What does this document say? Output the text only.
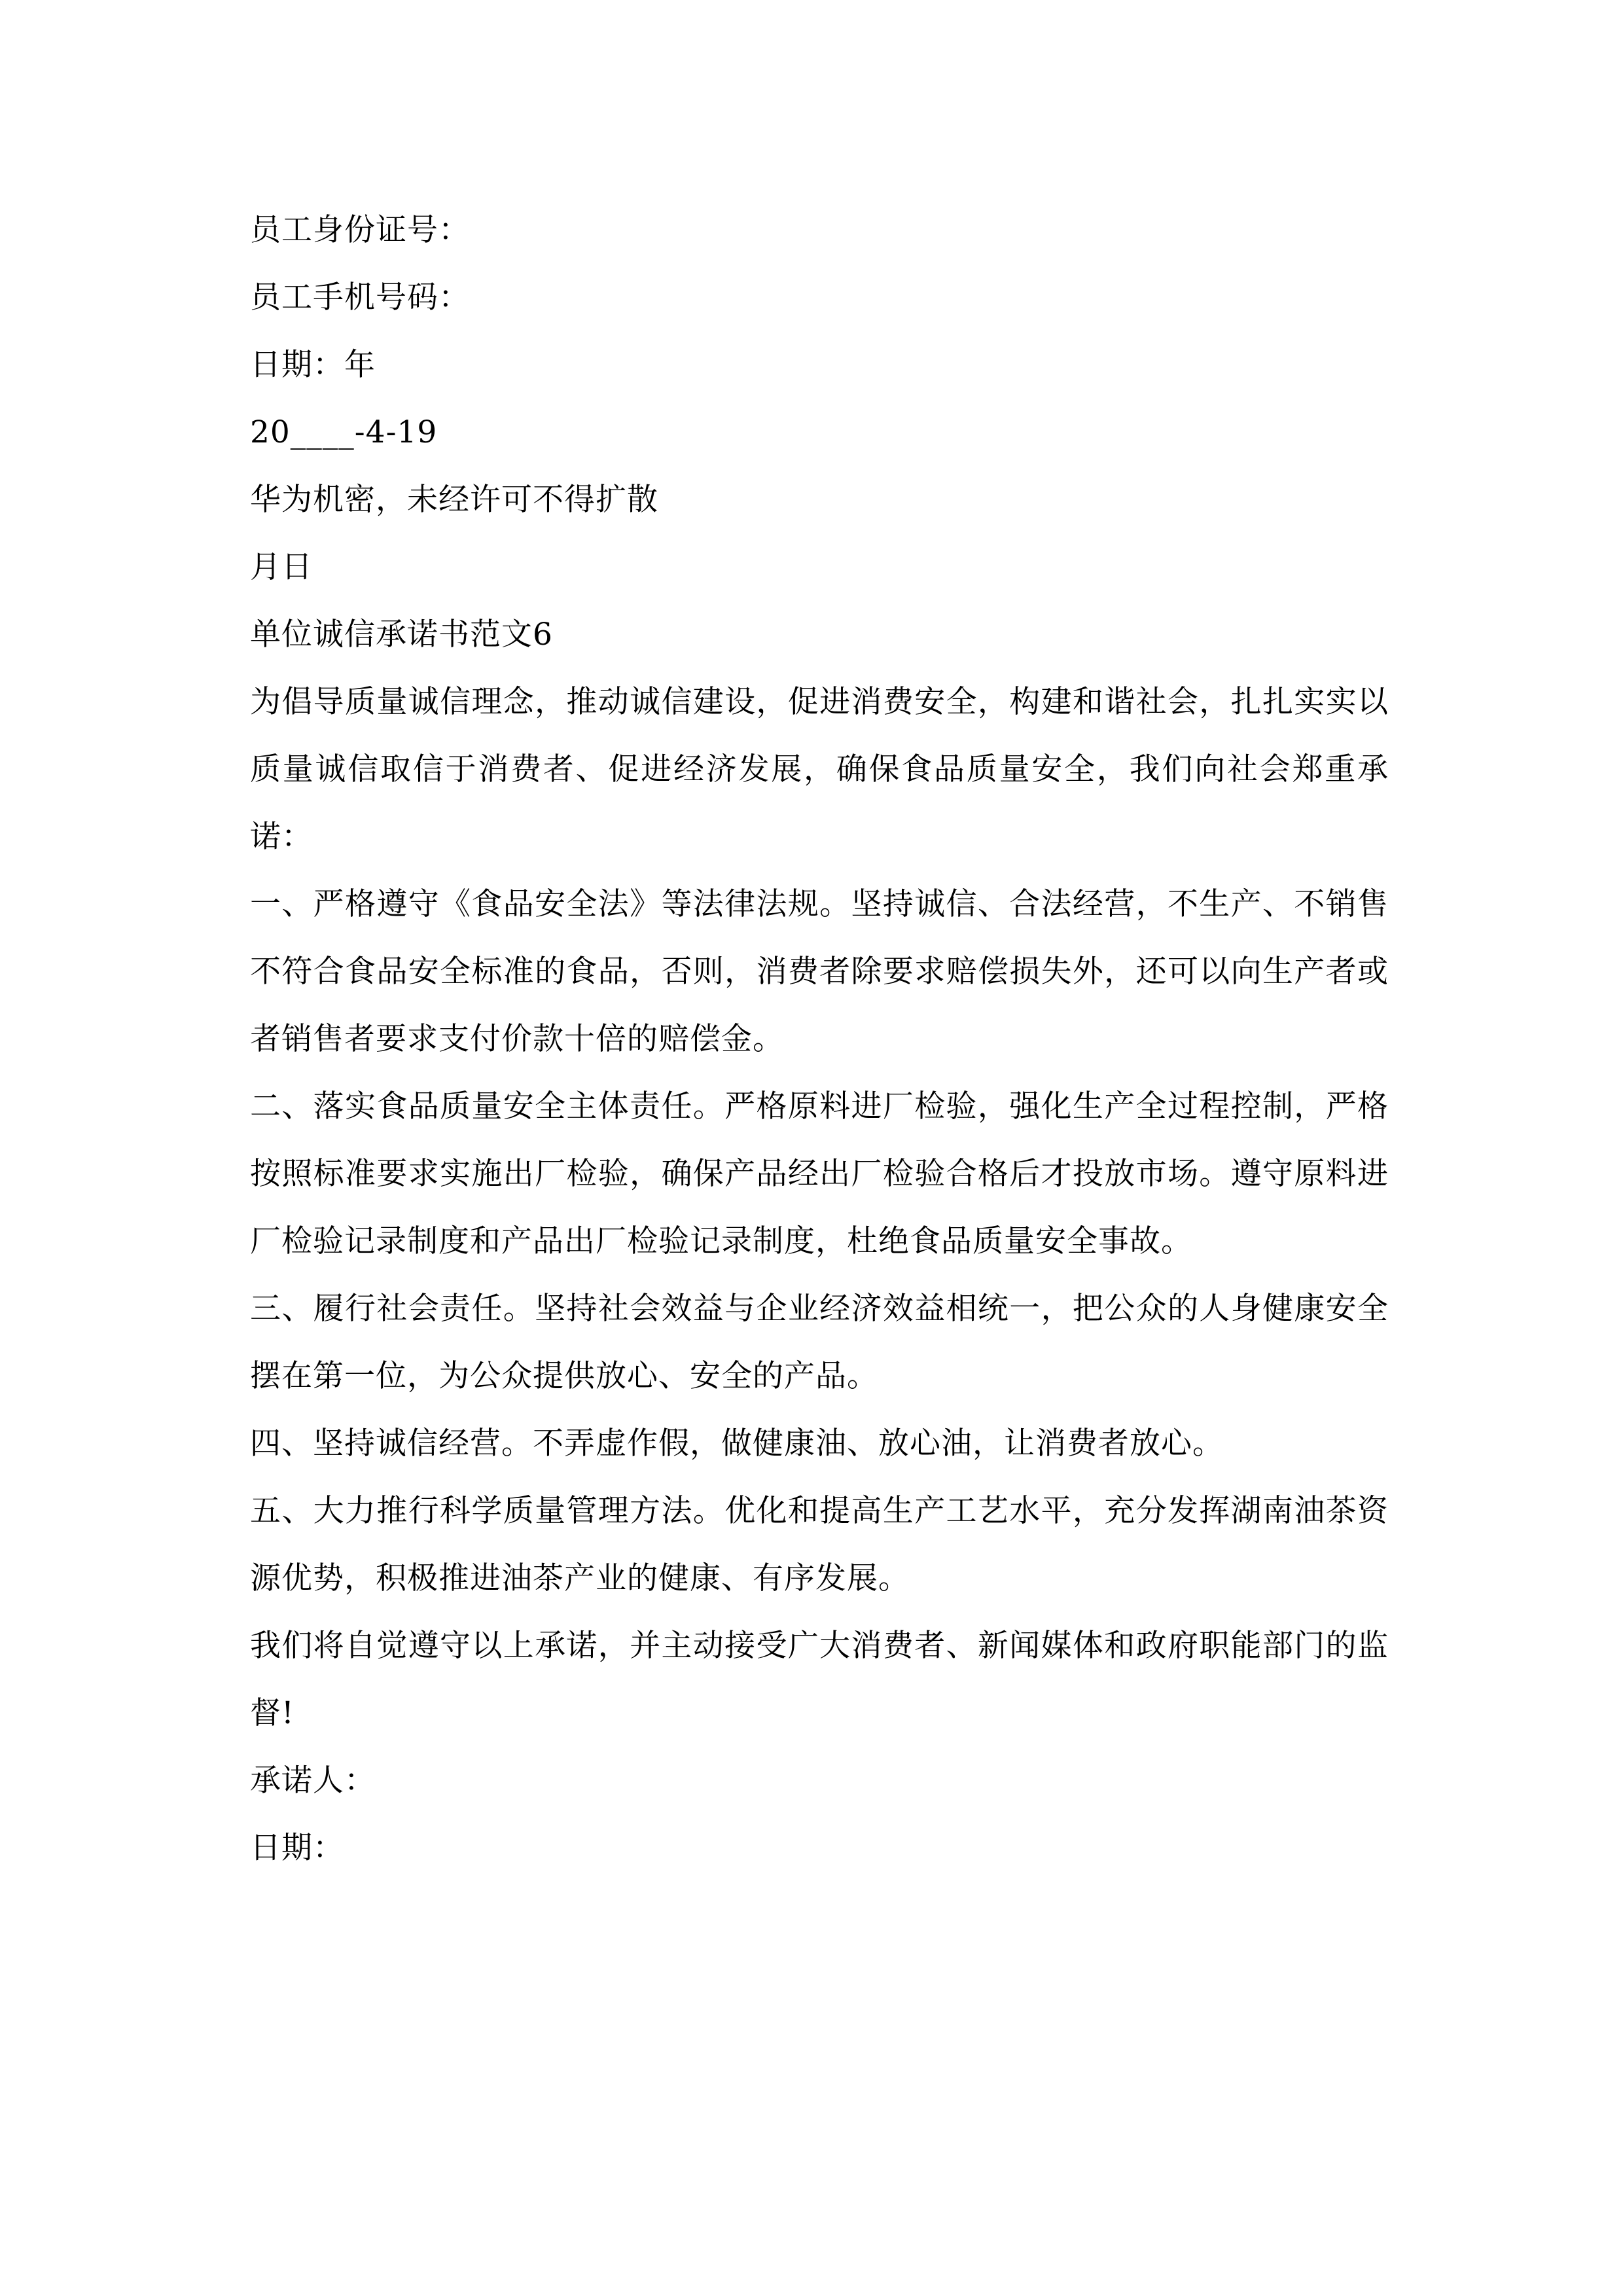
员工身份证号：

员工手机号码：

日期：年

20____-4-19

华为机密，未经许可不得扩散

月日

单位诚信承诺书范文6

为倡导质量诚信理念，推动诚信建设，促进消费安全，构建和谐社会，扎扎实实以质量诚信取信于消费者、促进经济发展，确保食品质量安全，我们向社会郑重承诺：

一、严格遵守《食品安全法》等法律法规。坚持诚信、合法经营，不生产、不销售不符合食品安全标准的食品，否则，消费者除要求赔偿损失外，还可以向生产者或者销售者要求支付价款十倍的赔偿金。

二、落实食品质量安全主体责任。严格原料进厂检验，强化生产全过程控制，严格按照标准要求实施出厂检验，确保产品经出厂检验合格后才投放市场。遵守原料进厂检验记录制度和产品出厂检验记录制度，杜绝食品质量安全事故。

三、履行社会责任。坚持社会效益与企业经济效益相统一，把公众的人身健康安全摆在第一位，为公众提供放心、安全的产品。

四、坚持诚信经营。不弄虚作假，做健康油、放心油，让消费者放心。

五、大力推行科学质量管理方法。优化和提高生产工艺水平，充分发挥湖南油茶资源优势，积极推进油茶产业的健康、有序发展。

我们将自觉遵守以上承诺，并主动接受广大消费者、新闻媒体和政府职能部门的监督!

承诺人：

日期：
